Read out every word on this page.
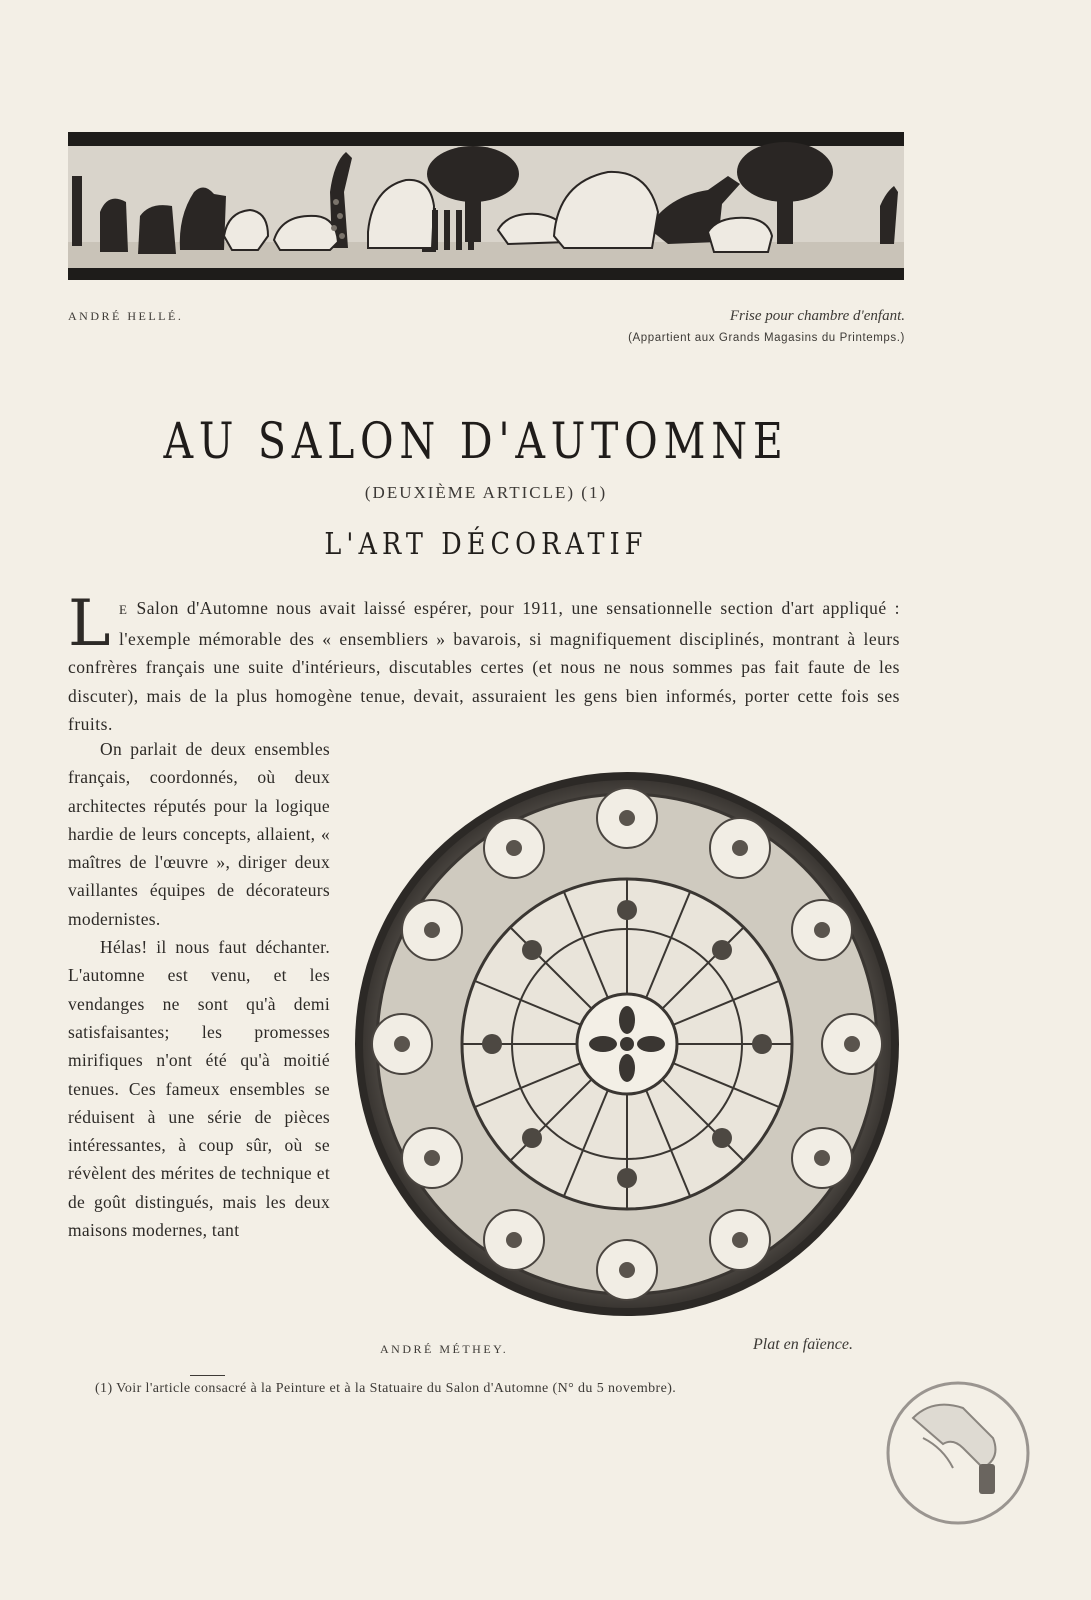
ANDRÉ HELLÉ.	Frise pour chambre d'enfant.
(Appartient aux Grands Magasins du Printemps.)
AU SALON D'AUTOMNE
(DEUXIÈME ARTICLE) (1)
L'ART DÉCORATIF
L E Salon d'Automne nous avait laissé espérer, pour 1911, une sensationnelle section d'art appliqué : l'exemple mémorable des « ensembliers » bavarois, si magnifiquement disciplinés, montrant à leurs confrères français une suite d'intérieurs, discutables certes (et nous ne nous sommes pas fait faute de les discuter), mais de la plus homogène tenue, devait, assuraient les gens bien informés, porter cette fois ses fruits.

On parlait de deux ensembles français, coordonnés, où deux architectes réputés pour la logique hardie de leurs concepts, allaient, « maîtres de l'œuvre », diriger deux vaillantes équipes de décorateurs modernistes.

Hélas! il nous faut déchanter. L'automne est venu, et les vendanges ne sont qu'à demi satisfaisantes; les promesses mirifiques n'ont été qu'à moitié tenues. Ces fameux ensembles se réduisent à une série de pièces intéressantes, à coup sûr, où se révèlent des mérites de technique et de goût distingués, mais les deux maisons modernes, tant

ANDRÉ MÉTHEY.	Plat en faïence.
(1) Voir l'article consacré à la Peinture et à la Statuaire du Salon d'Automne (N° du 5 novembre).
